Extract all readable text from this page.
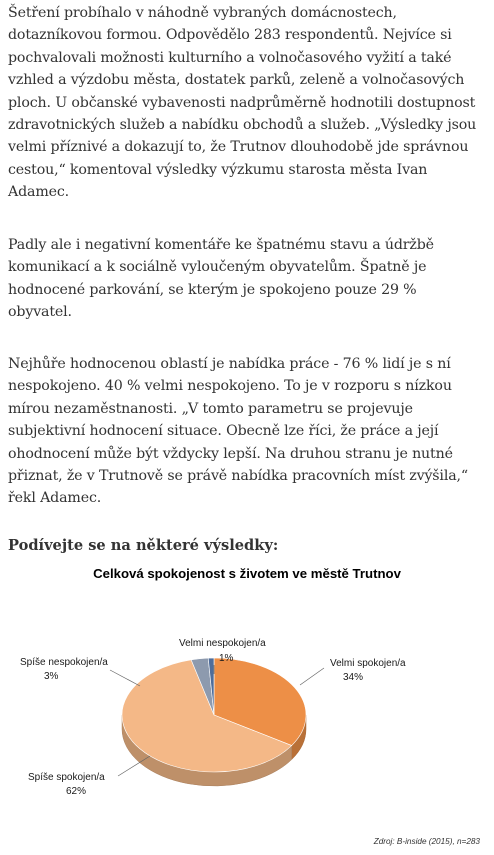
Šetření probíhalo v náhodně vybraných domácnostech, dotazníkovou formou. Odpovědělo 283 respondentů. Nejvíce si pochvalovali možnosti kulturního a volnočasového vyžití a také vzhled a výzdobu města, dostatek parků, zeleně a volnočasových ploch. U občanské vybavenosti nadprůměrně hodnotili dostupnost zdravotnických služeb a nabídku obchodů a služeb. „Výsledky jsou velmi příznivé a dokazují to, že Trutnov dlouhodobě jde správnou cestou,“ komentoval výsledky výzkumu starosta města Ivan Adamec.

Padly ale i negativní komentáře ke špatnému stavu a údržbě komunikací a k sociálně vyloučeným obyvatelům. Špatně je hodnocené parkování, se kterým je spokojeno pouze 29 % obyvatel.

Nejhůře hodnocenou oblastí je nabídka práce - 76 % lidí je s ní nespokojeno. 40 % velmi nespokojeno. To je v rozporu s nízkou mírou nezaměstnanosti. „V tomto parametru se projevuje subjektivní hodnocení situace. Obecně lze říci, že práce a její ohodnocení může být vždycky lepší. Na druhou stranu je nutné přiznat, že v Trutnově se právě nabídka pracovních míst zvýšila,“ řekl Adamec.

Podívejte se na některé výsledky:

Celková spokojenost s životem ve městě Trutnov

Velmi spokojen/a
34%
Spíše spokojen/a
62%
Spíše nespokojen/a
3%
Velmi nespokojen/a
1%

Zdroj: B-inside (2015), n=283
